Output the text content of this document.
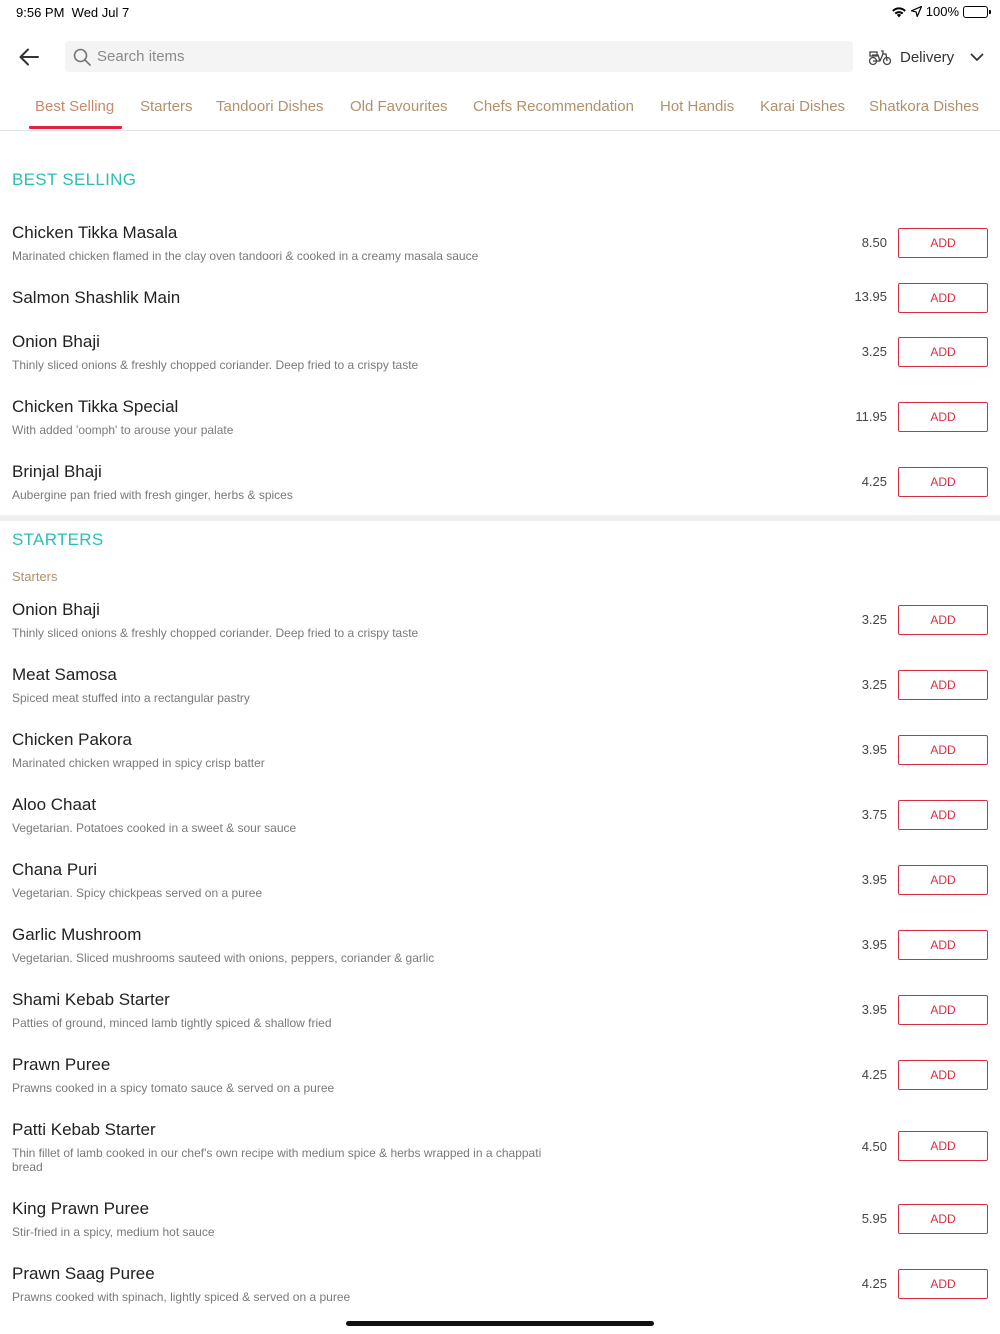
9:56 PM Wed Jul 7	100%
Search items
Delivery
Best Selling Starters Tandoori Dishes Old Favourites Chefs Recommendation Hot Handis Karai Dishes Shatkora Dishes
BEST SELLING
Chicken Tikka Masala
Marinated chicken flamed in the clay oven tandoori & cooked in a creamy masala sauce
8.50	ADD
Salmon Shashlik Main	13.95	ADD
Onion Bhaji
Thinly sliced onions & freshly chopped coriander. Deep fried to a crispy taste
3.25	ADD
Chicken Tikka Special
With added 'oomph' to arouse your palate
11.95	ADD
Brinjal Bhaji
Aubergine pan fried with fresh ginger, herbs & spices
4.25	ADD
STARTERS
Starters
Onion Bhaji
Thinly sliced onions & freshly chopped coriander. Deep fried to a crispy taste
3.25	ADD
Meat Samosa
Spiced meat stuffed into a rectangular pastry
3.25	ADD
Chicken Pakora
Marinated chicken wrapped in spicy crisp batter
3.95	ADD
Aloo Chaat
Vegetarian. Potatoes cooked in a sweet & sour sauce
3.75	ADD
Chana Puri
Vegetarian. Spicy chickpeas served on a puree
3.95	ADD
Garlic Mushroom
Vegetarian. Sliced mushrooms sauteed with onions, peppers, coriander & garlic
3.95	ADD
Shami Kebab Starter
Patties of ground, minced lamb tightly spiced & shallow fried
3.95	ADD
Prawn Puree
Prawns cooked in a spicy tomato sauce & served on a puree
4.25	ADD
Patti Kebab Starter
Thin fillet of lamb cooked in our chef's own recipe with medium spice & herbs wrapped in a chappati bread
4.50	ADD
King Prawn Puree
Stir-fried in a spicy, medium hot sauce
5.95	ADD
Prawn Saag Puree
Prawns cooked with spinach, lightly spiced & served on a puree
4.25	ADD
